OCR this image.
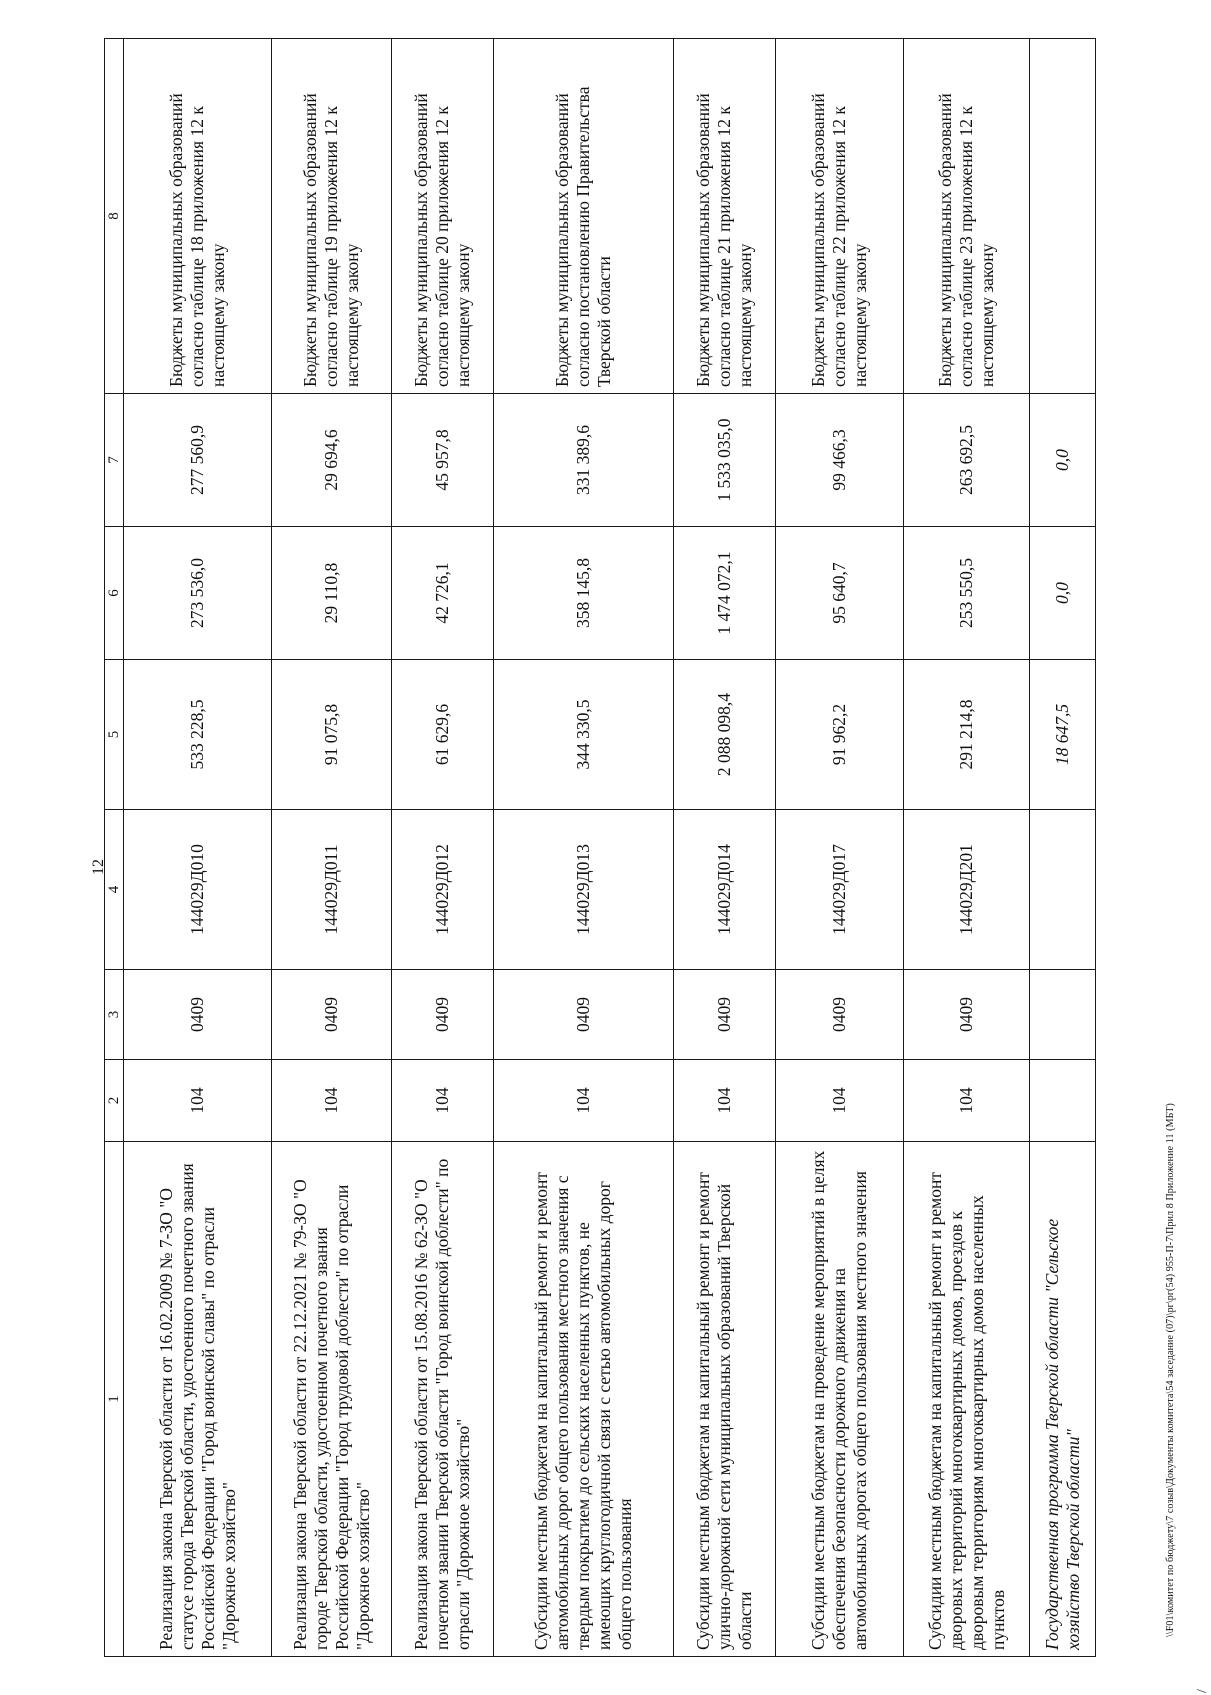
12
1	2	3	4	5	6	7	8
Реализация закона Тверской области от 16.02.2009 № 7-ЗО "О статусе города Тверской области, удостоенного почетного звания Российской Федерации "Город воинской славы" по отрасли "Дорожное хозяйство"	104	0409	144029Д010	533 228,5	273 536,0	277 560,9	Бюджеты муниципальных образований согласно таблице 18 приложения 12 к настоящему закону
Реализация закона Тверской области от 22.12.2021 № 79-ЗО "О городе Тверской области, удостоенном почетного звания Российской Федерации "Город трудовой доблести" по отрасли "Дорожное хозяйство"	104	0409	144029Д011	91 075,8	29 110,8	29 694,6	Бюджеты муниципальных образований согласно таблице 19 приложения 12 к настоящему закону
Реализация закона Тверской области от 15.08.2016 № 62-ЗО "О почетном звании Тверской области "Город воинской доблести" по отрасли "Дорожное хозяйство"	104	0409	144029Д012	61 629,6	42 726,1	45 957,8	Бюджеты муниципальных образований согласно таблице 20 приложения 12 к настоящему закону
Субсидии местным бюджетам на капитальный ремонт и ремонт автомобильных дорог общего пользования местного значения с твердым покрытием до сельских населенных пунктов, не имеющих круглогодичной связи с сетью автомобильных дорог общего пользования	104	0409	144029Д013	344 330,5	358 145,8	331 389,6	Бюджеты муниципальных образований согласно постановлению Правительства Тверской области
Субсидии местным бюджетам на капитальный ремонт и ремонт улично-дорожной сети муниципальных образований Тверской области	104	0409	144029Д014	2 088 098,4	1 474 072,1	1 533 035,0	Бюджеты муниципальных образований согласно таблице 21 приложения 12 к настоящему закону
Субсидии местным бюджетам на проведение мероприятий в целях обеспечения безопасности дорожного движения на автомобильных дорогах общего пользования местного значения	104	0409	144029Д017	91 962,2	95 640,7	99 466,3	Бюджеты муниципальных образований согласно таблице 22 приложения 12 к настоящему закону
Субсидии местным бюджетам на капитальный ремонт и ремонт дворовых территорий многоквартирных домов, проездов к дворовым территориям многоквартирных домов населенных пунктов	104	0409	144029Д201	291 214,8	253 550,5	263 692,5	Бюджеты муниципальных образований согласно таблице 23 приложения 12 к настоящему закону
Государственная программа Тверской области "Сельское хозяйство Тверской области"				18 647,5	0,0	0,0	
\\F01\комитет по бюджету\7 созыв\Документы комитета\54 заседание (07)\рг\рг(54) 955-П-7\Прил 8 Приложение 11 (МБТ)
/
